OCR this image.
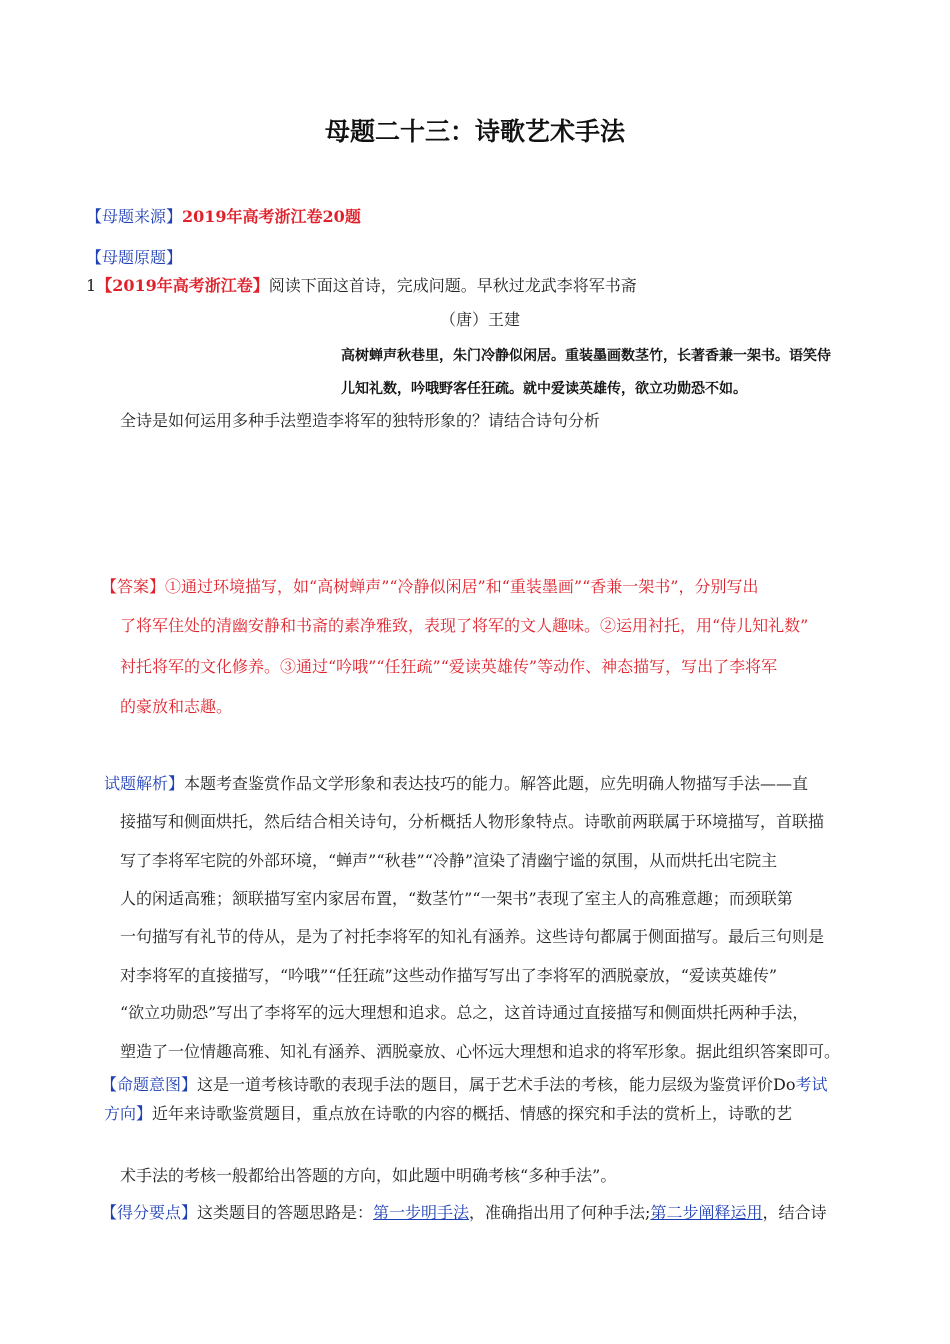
母题二十三：诗歌艺术手法
【母题来源】2019年高考浙江卷20题
【母题原题】
1【2019年高考浙江卷】阅读下面这首诗，完成问题。早秋过龙武李将军书斋
（唐）王建
高树蝉声秋巷里，朱门冷静似闲居。重装墨画数茎竹，长著香兼一架书。语笑侍
儿知礼数，吟哦野客任狂疏。就中爱读英雄传，欲立功勋恐不如。
全诗是如何运用多种手法塑造李将军的独特形象的？请结合诗句分析
【答案】①通过环境描写，如“高树蝉声”“冷静似闲居”和“重装墨画”“香兼一架书”，分别写出
了将军住处的清幽安静和书斋的素净雅致，表现了将军的文人趣味。②运用衬托，用“侍儿知礼数”
衬托将军的文化修养。③通过“吟哦”“任狂疏”“爱读英雄传”等动作、神态描写，写出了李将军
的豪放和志趣。
试题解析】本题考查鉴赏作品文学形象和表达技巧的能力。解答此题，应先明确人物描写手法——直
接描写和侧面烘托，然后结合相关诗句，分析概括人物形象特点。诗歌前两联属于环境描写，首联描
写了李将军宅院的外部环境，“蝉声”“秋巷”“冷静”渲染了清幽宁谧的氛围，从而烘托出宅院主
人的闲适高雅；颔联描写室内家居布置，“数茎竹”“一架书”表现了室主人的高雅意趣；而颈联第
一句描写有礼节的侍从，是为了衬托李将军的知礼有涵养。这些诗句都属于侧面描写。最后三句则是
对李将军的直接描写，“吟哦”“任狂疏”这些动作描写写出了李将军的洒脱豪放，“爱读英雄传”
“欲立功勋恐”写出了李将军的远大理想和追求。总之，这首诗通过直接描写和侧面烘托两种手法，
塑造了一位情趣高雅、知礼有涵养、洒脱豪放、心怀远大理想和追求的将军形象。据此组织答案即可。
【命题意图】这是一道考核诗歌的表现手法的题目，属于艺术手法的考核，能力层级为鉴赏评价Do考试
方向】近年来诗歌鉴赏题目，重点放在诗歌的内容的概括、情感的探究和手法的赏析上，诗歌的艺
术手法的考核一般都给出答题的方向，如此题中明确考核“多种手法”。
【得分要点】这类题目的答题思路是：第一步明手法，准确指出用了何种手法;第二步阐释运用，结合诗
